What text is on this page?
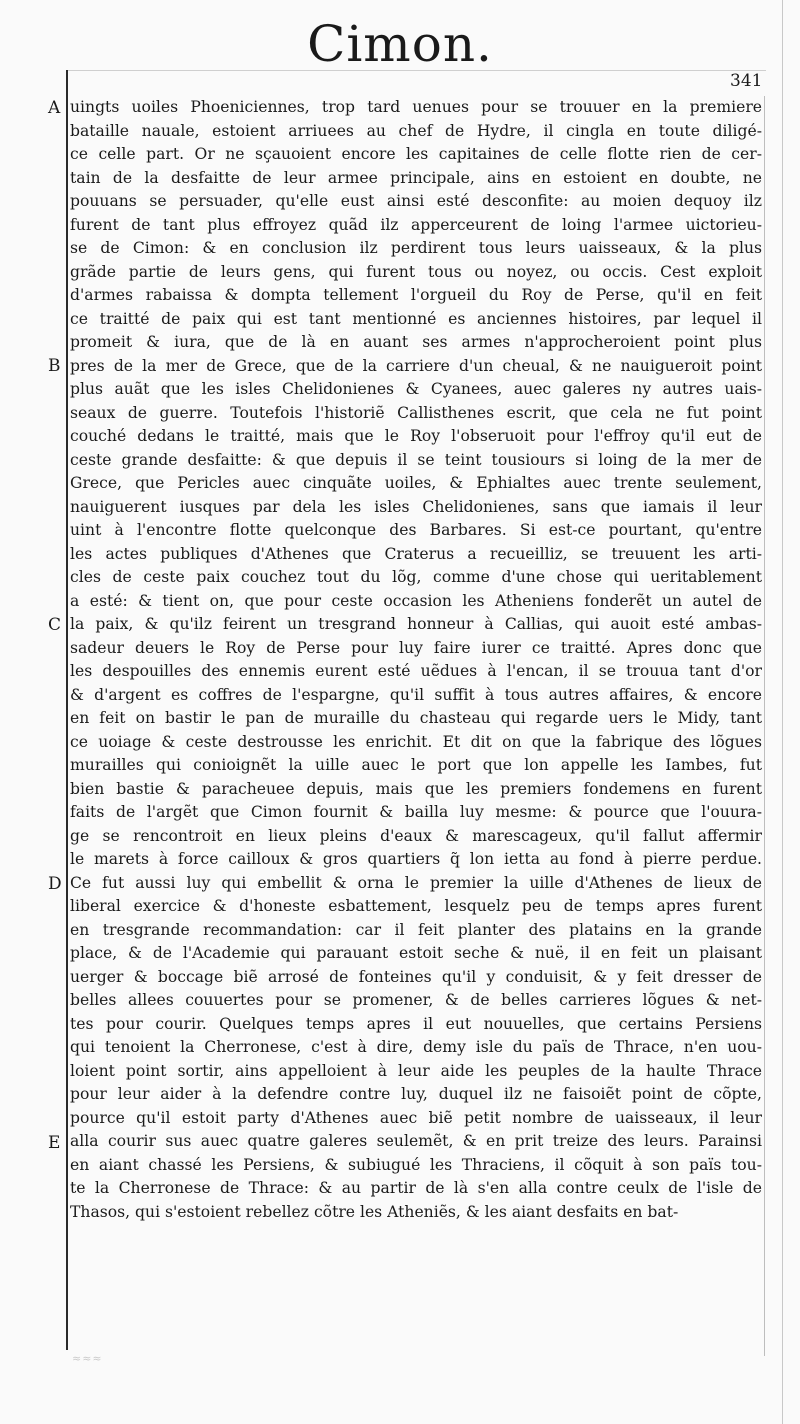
Cimon.
341
A
B
C
D
E
uingts uoiles Phoeniciennes, trop tard uenues pour se trouuer en la premiere
bataille nauale, estoient arriuees au chef de Hydre, il cingla en toute diligé-
ce celle part. Or ne sçauoient encore les capitaines de celle flotte rien de cer-
tain de la desfaitte de leur armee principale, ains en estoient en doubte, ne
pouuans se persuader, qu'elle eust ainsi esté desconfite: au moien dequoy ilz
furent de tant plus effroyez quãd ilz apperceurent de loing l'armee uictorieu-
se de Cimon: & en conclusion ilz perdirent tous leurs uaisseaux, & la plus
grãde partie de leurs gens, qui furent tous ou noyez, ou occis. Cest exploit
d'armes rabaissa & dompta tellement l'orgueil du Roy de Perse, qu'il en feit
ce traitté de paix qui est tant mentionné es anciennes histoires, par lequel il
promeit & iura, que de là en auant ses armes n'approcheroient point plus
pres de la mer de Grece, que de la carriere d'un cheual, & ne nauigueroit point
plus auãt que les isles Chelidonienes & Cyanees, auec galeres ny autres uais-
seaux de guerre. Toutefois l'historiẽ Callisthenes escrit, que cela ne fut point
couché dedans le traitté, mais que le Roy l'obseruoit pour l'effroy qu'il eut de
ceste grande desfaitte: & que depuis il se teint tousiours si loing de la mer de
Grece, que Pericles auec cinquãte uoiles, & Ephialtes auec trente seulement,
nauiguerent iusques par dela les isles Chelidonienes, sans que iamais il leur
uint à l'encontre flotte quelconque des Barbares. Si est-ce pourtant, qu'entre
les actes publiques d'Athenes que Craterus a recueilliz, se treuuent les arti-
cles de ceste paix couchez tout du lõg, comme d'une chose qui ueritablement
a esté: & tient on, que pour ceste occasion les Atheniens fonderẽt un autel de
la paix, & qu'ilz feirent un tresgrand honneur à Callias, qui auoit esté ambas-
sadeur deuers le Roy de Perse pour luy faire iurer ce traitté. Apres donc que
les despouilles des ennemis eurent esté uẽdues à l'encan, il se trouua tant d'or
& d'argent es coffres de l'espargne, qu'il suffit à tous autres affaires, & encore
en feit on bastir le pan de muraille du chasteau qui regarde uers le Midy, tant
ce uoiage & ceste destrousse les enrichit. Et dit on que la fabrique des lõgues
murailles qui conioignẽt la uille auec le port que lon appelle les Iambes, fut
bien bastie & paracheuee depuis, mais que les premiers fondemens en furent
faits de l'argẽt que Cimon fournit & bailla luy mesme: & pource que l'ouura-
ge se rencontroit en lieux pleins d'eaux & marescageux, qu'il fallut affermir
le marets à force cailloux & gros quartiers q̃ lon ietta au fond à pierre perdue.
Ce fut aussi luy qui embellit & orna le premier la uille d'Athenes de lieux de
liberal exercice & d'honeste esbattement, lesquelz peu de temps apres furent
en tresgrande recommandation: car il feit planter des platains en la grande
place, & de l'Academie qui parauant estoit seche & nuë, il en feit un plaisant
uerger & boccage biẽ arrosé de fonteines qu'il y conduisit, & y feit dresser de
belles allees couuertes pour se promener, & de belles carrieres lõgues & net-
tes pour courir. Quelques temps apres il eut nouuelles, que certains Persiens
qui tenoient la Cherronese, c'est à dire, demy isle du païs de Thrace, n'en uou-
loient point sortir, ains appelloient à leur aide les peuples de la haulte Thrace
pour leur aider à la defendre contre luy, duquel ilz ne faisoiẽt point de cõpte,
pource qu'il estoit party d'Athenes auec biẽ petit nombre de uaisseaux, il leur
alla courir sus auec quatre galeres seulemẽt, & en prit treize des leurs. Parainsi
en aiant chassé les Persiens, & subiugué les Thraciens, il cõquit à son païs tou-
te la Cherronese de Thrace: & au partir de là s'en alla contre ceulx de l'isle de
Thasos, qui s'estoient rebellez cõtre les Atheniẽs, & les aiant desfaits en bat-
≈≈≈
